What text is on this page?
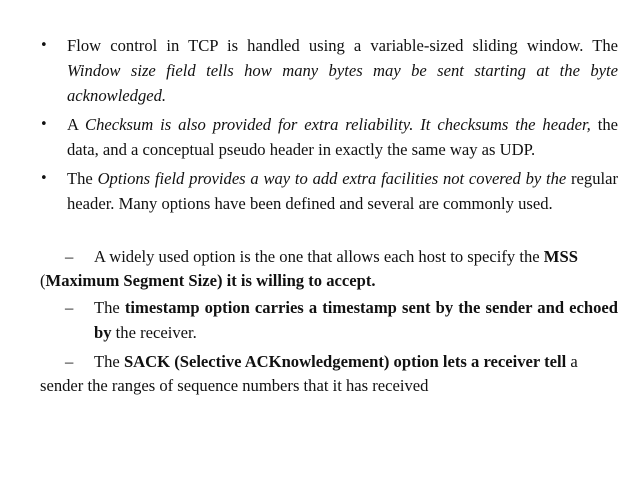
•	Flow control in TCP is handled using a variable-sized sliding window. The Window size field tells how many bytes may be sent starting at the byte acknowledged.
•	A Checksum is also provided for extra reliability. It checksums the header, the data, and a conceptual pseudo header in exactly the same way as UDP.
•	The Options field provides a way to add extra facilities not covered by the regular header. Many options have been defined and several are commonly used.
– A widely used option is the one that allows each host to specify the MSS
(Maximum Segment Size) it is willing to accept.
–	The timestamp option carries a timestamp sent by the sender and echoed by the receiver.
– The SACK (Selective ACKnowledgement) option lets a receiver tell a
sender the ranges of sequence numbers that it has received
